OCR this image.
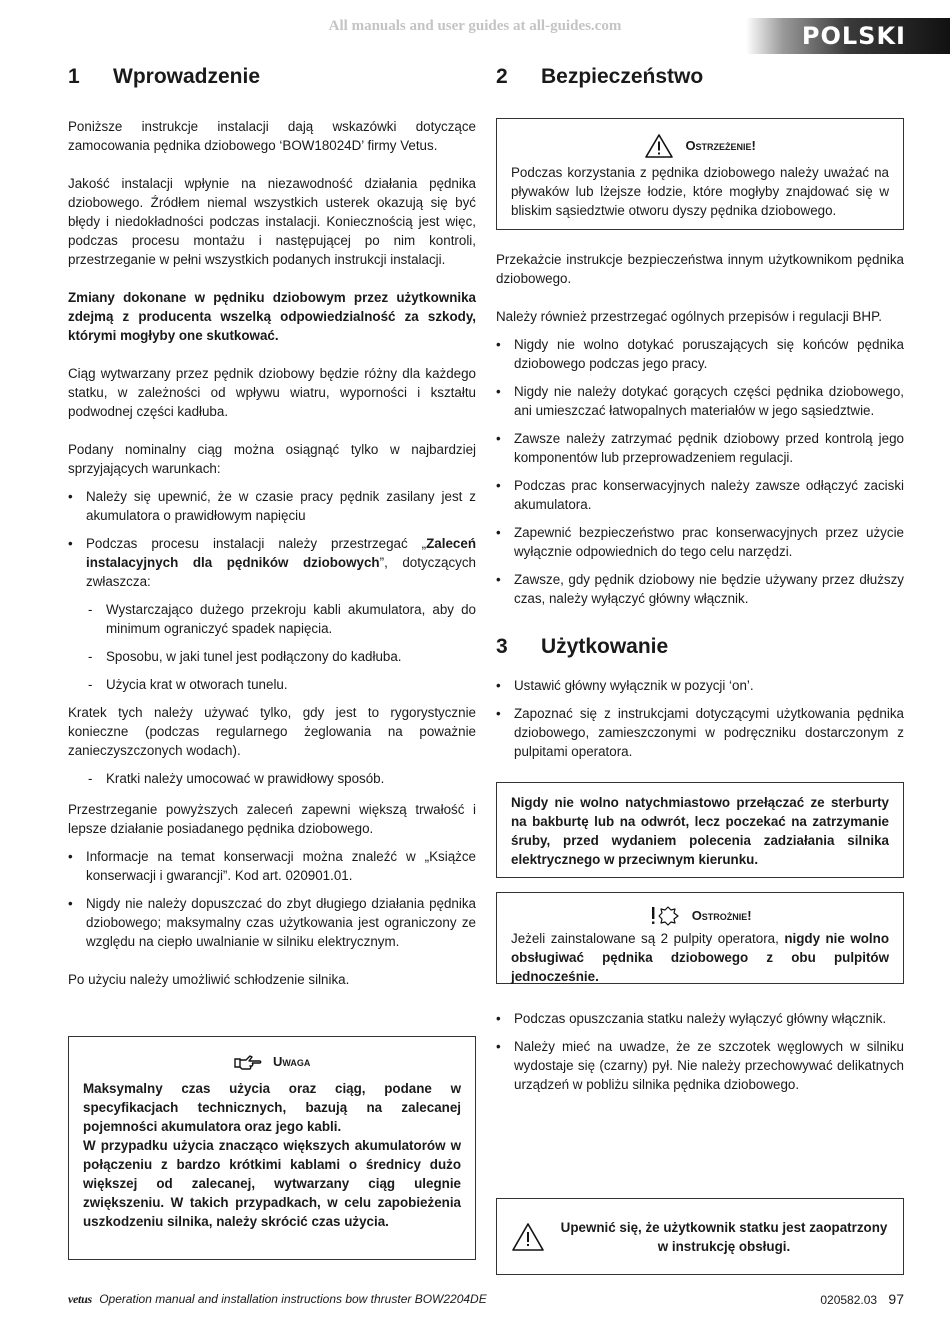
All manuals and user guides at all-guides.com	POLSKI
1 Wprowadzenie

Poniższe instrukcje instalacji dają wskazówki dotyczące zamocowania pędnika dziobowego ‘BOW18024D’ firmy Vetus.

Jakość instalacji wpłynie na niezawodność działania pędnika dziobowego. Źródłem niemal wszystkich usterek okazują się być błędy i niedokładności podczas instalacji. Koniecznością jest więc, podczas procesu montażu i następującej po nim kontroli, przestrzeganie w pełni wszystkich podanych instrukcji instalacji.

Zmiany dokonane w pędniku dziobowym przez użytkownika zdejmą z producenta wszelką odpowiedzialność za szkody, którymi mogłyby one skutkować.

Ciąg wytwarzany przez pędnik dziobowy będzie różny dla każdego statku, w zależności od wpływu wiatru, wyporności i kształtu podwodnej części kadłuba.

Podany nominalny ciąg można osiągnąć tylko w najbardziej sprzyjających warunkach:

• Należy się upewnić, że w czasie pracy pędnik zasilany jest z akumulatora o prawidłowym napięciu
• Podczas procesu instalacji należy przestrzegać „Zaleceń instalacyjnych dla pędników dziobowych”, dotyczących zwłaszcza:
- Wystarczająco dużego przekroju kabli akumulatora, aby do minimum ograniczyć spadek napięcia.
- Sposobu, w jaki tunel jest podłączony do kadłuba.
- Użycia krat w otworach tunelu.

Kratek tych należy używać tylko, gdy jest to rygorystycznie konieczne (podczas regularnego żeglowania na poważnie zanieczyszczonych wodach).

- Kratki należy umocować w prawidłowy sposób.

Przestrzeganie powyższych zaleceń zapewni większą trwałość i lepsze działanie posiadanego pędnika dziobowego.

• Informacje na temat konserwacji można znaleźć w „Książce konserwacji i gwarancji”. Kod art. 020901.01.
• Nigdy nie należy dopuszczać do zbyt długiego działania pędnika dziobowego; maksymalny czas użytkowania jest ograniczony ze względu na ciepło uwalnianie w silniku elektrycznym.

Po użyciu należy umożliwić schłodzenie silnika.

Uwaga

Maksymalny czas użycia oraz ciąg, podane w specyfikacjach technicznych, bazują na zalecanej pojemności akumulatora oraz jego kabli.

W przypadku użycia znacząco większych akumulatorów w połączeniu z bardzo krótkimi kablami o średnicy dużo większej od zalecanej, wytwarzany ciąg ulegnie zwiększeniu. W takich przypadkach, w celu zapobieżenia uszkodzeniu silnika, należy skrócić czas użycia.

2 Bezpieczeństwo
Ostrzeżenie!

Podczas korzystania z pędnika dziobowego należy uważać na pływaków lub lżejsze łodzie, które mogłyby znajdować się w bliskim sąsiedztwie otworu dyszy pędnika dziobowego.

Przekażcie instrukcje bezpieczeństwa innym użytkownikom pędnika dziobowego.

Należy również przestrzegać ogólnych przepisów i regulacji BHP.

• Nigdy nie wolno dotykać poruszających się końców pędnika dziobowego podczas jego pracy.
• Nigdy nie należy dotykać gorących części pędnika dziobowego, ani umieszczać łatwopalnych materiałów w jego sąsiedztwie.
• Zawsze należy zatrzymać pędnik dziobowy przed kontrolą jego komponentów lub przeprowadzeniem regulacji.
• Podczas prac konserwacyjnych należy zawsze odłączyć zaciski akumulatora.
• Zapewnić bezpieczeństwo prac konserwacyjnych przez użycie wyłącznie odpowiednich do tego celu narzędzi.
• Zawsze, gdy pędnik dziobowy nie będzie używany przez dłuższy czas, należy wyłączyć główny włącznik.
3 Użytkowanie
• Ustawić główny wyłącznik w pozycji ‘on’.
• Zapoznać się z instrukcjami dotyczącymi użytkowania pędnika dziobowego, zamieszczonymi w podręczniku dostarczonym z pulpitami operatora.

Nigdy nie wolno natychmiastowo przełączać ze sterburty na bakburtę lub na odwrót, lecz poczekać na zatrzymanie śruby, przed wydaniem polecenia zadziałania silnika elektrycznego w przeciwnym kierunku.

Ostrożnie!

Jeżeli zainstalowane są 2 pulpity operatora, nigdy nie wolno obsługiwać pędnika dziobowego z obu pulpitów jednocześnie.

• Podczas opuszczania statku należy wyłączyć główny włącznik.
• Należy mieć na uwadze, że ze szczotek węglowych w silniku wydostaje się (czarny) pył. Nie należy przechowywać delikatnych urządzeń w pobliżu silnika pędnika dziobowego.

Upewnić się, że użytkownik statku jest zaopatrzony w instrukcję obsługi.

vetus Operation manual and installation instructions bow thruster BOW2204DE	020582.03 97
